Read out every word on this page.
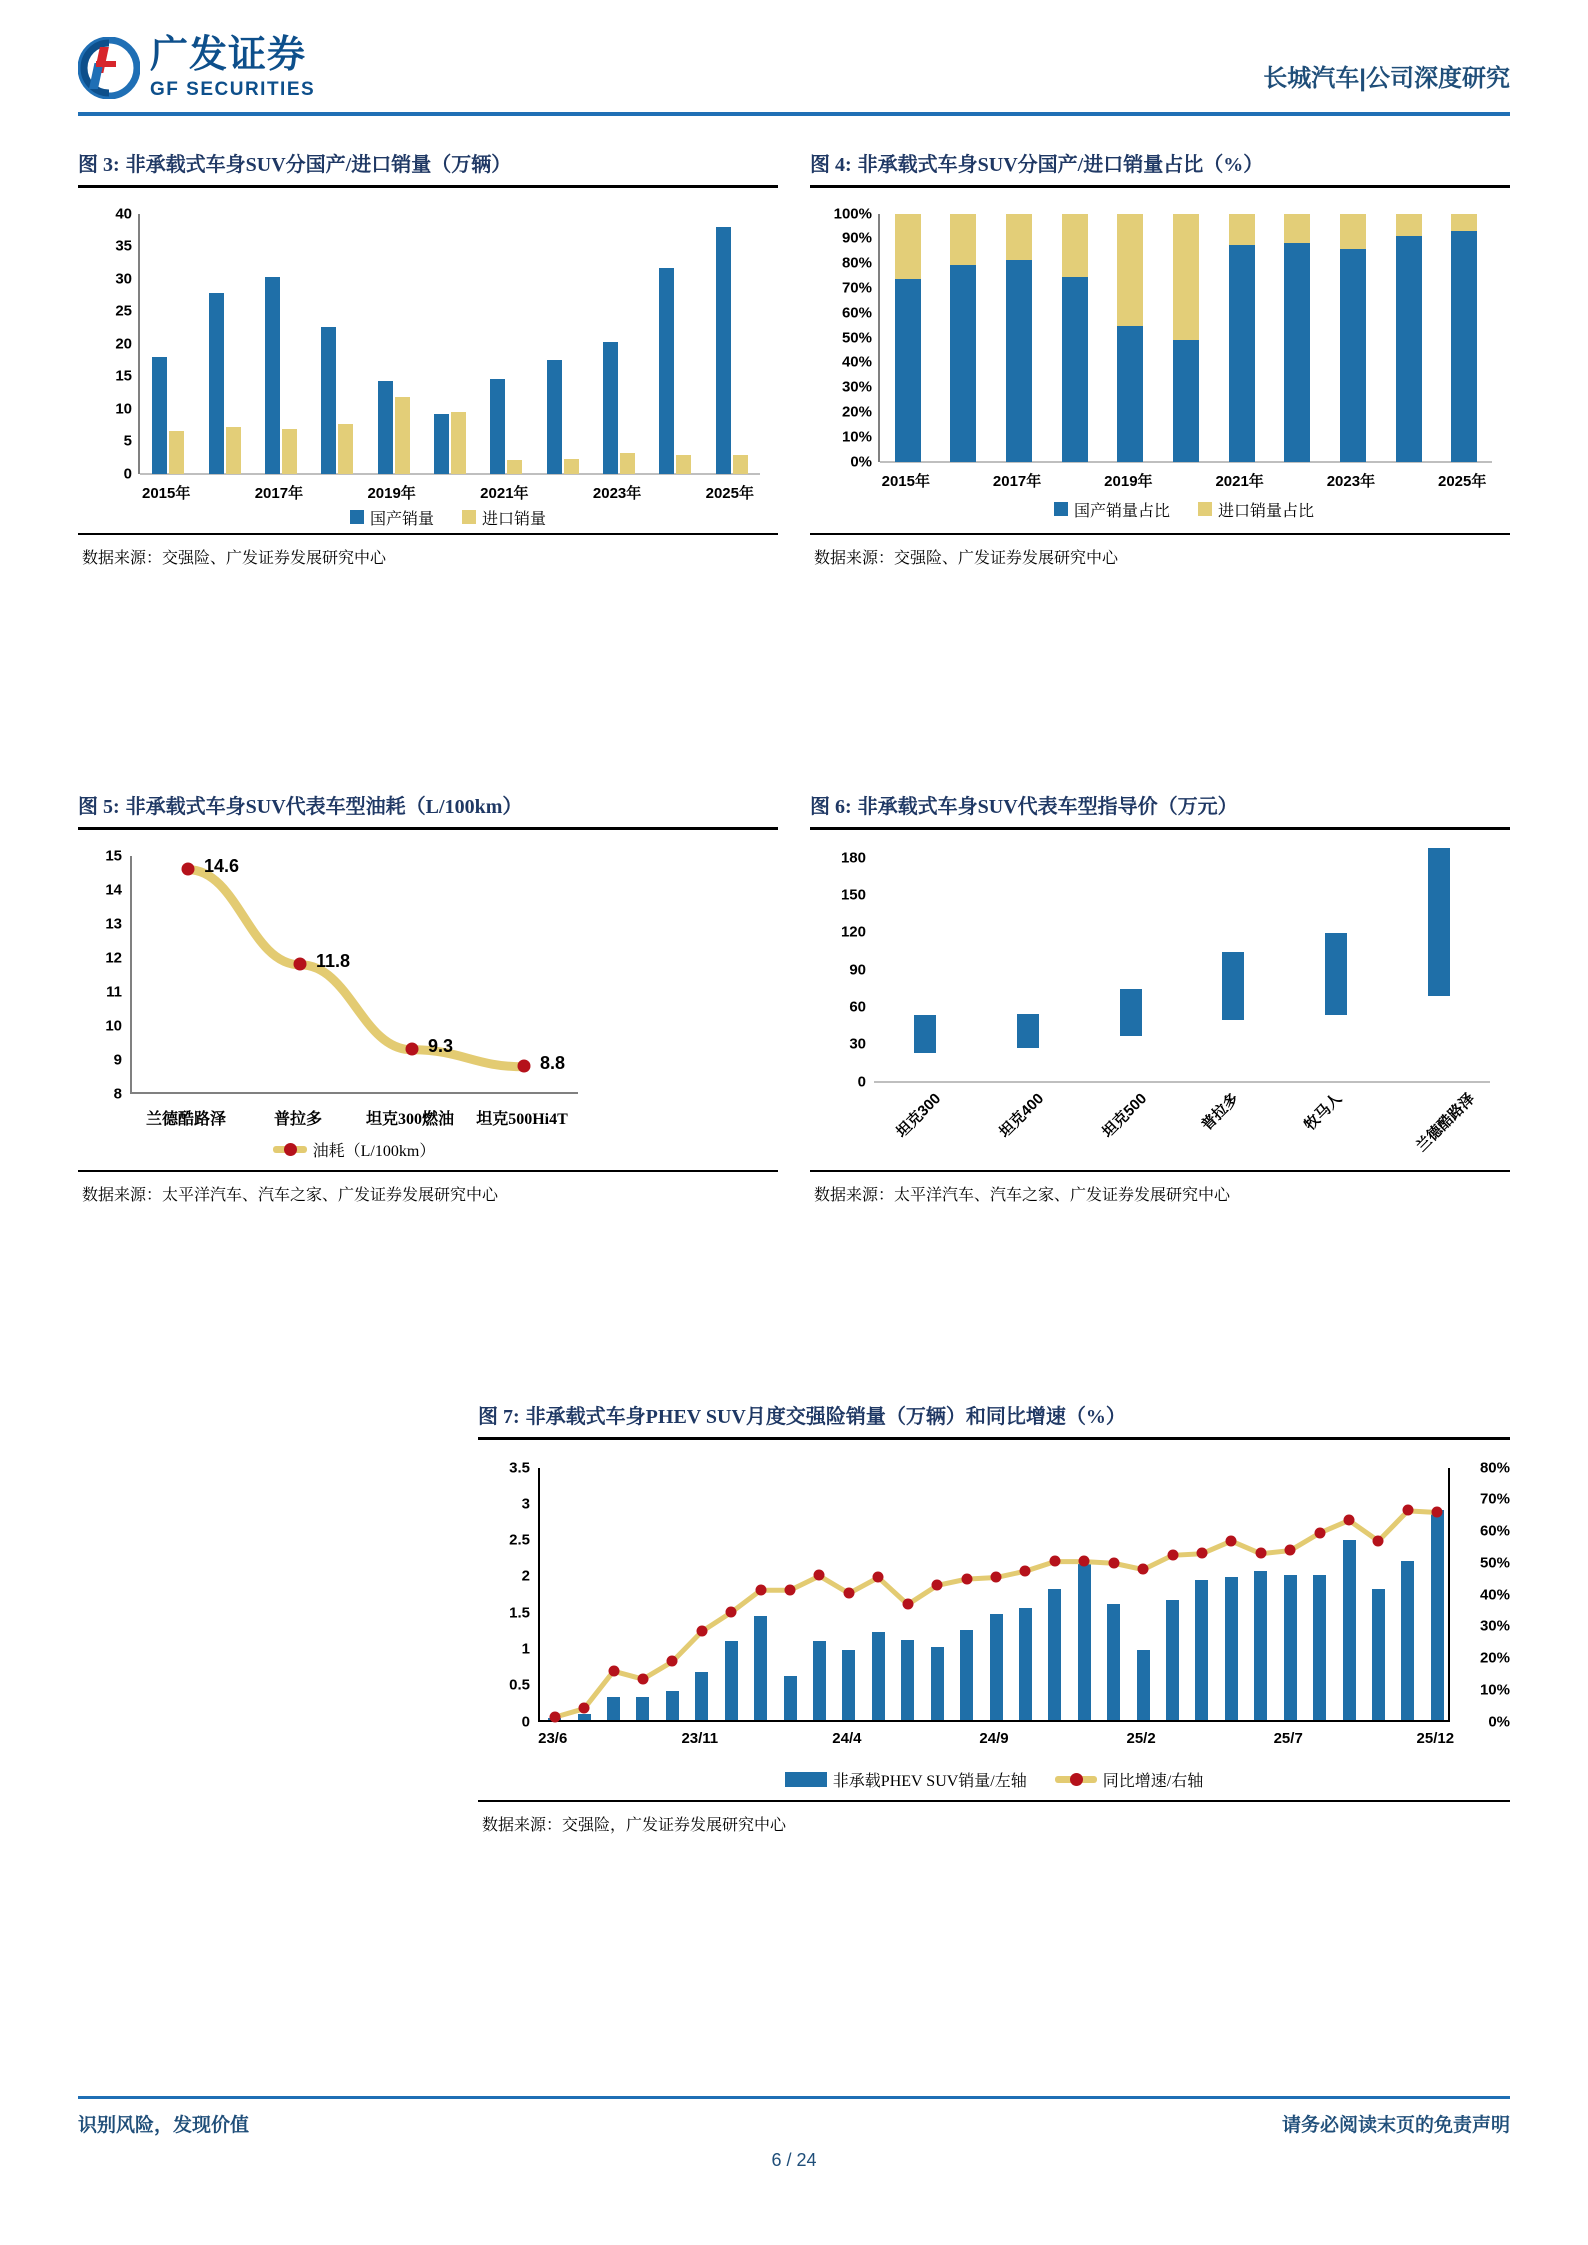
广发证券
GF SECURITIES	长城汽车|公司深度研究
图 3: 非承载式车身SUV分国产/进口销量（万辆）
40
35
30
25
20
15
10
5
0
2015年	2017年	2019年	2021年	2023年	2025年
国产销量	进口销量
数据来源：交强险、广发证券发展研究中心
图 4: 非承载式车身SUV分国产/进口销量占比（%）
100%
90%
80%
70%
60%
50%
40%
30%
20%
10%
0%
2015年	2017年	2019年	2021年	2023年	2025年
国产销量占比	进口销量占比
数据来源：交强险、广发证券发展研究中心
图 5: 非承载式车身SUV代表车型油耗（L/100km）
15
14
13
12
11
10
9
8
14.6
11.8
9.3
8.8
兰德酷路泽	普拉多	坦克300燃油 坦克500Hi4T
油耗（L/100km）
数据来源：太平洋汽车、汽车之家、广发证券发展研究中心
图 6: 非承载式车身SUV代表车型指导价（万元）
180
150
120
90
60
30
0
坦克300	坦克400	坦克500	普拉多	牧马人	兰德酷路泽
数据来源：太平洋汽车、汽车之家、广发证券发展研究中心
图 7: 非承载式车身PHEV SUV月度交强险销量（万辆）和同比增速（%）
3.5
3
2.5
2
1.5
1
0.5
0
80%
70%
60%
50%
40%
30%
20%
10%
0%
23/6	23/11	24/4	24/9	25/2	25/7	25/12
非承载PHEV SUV销量/左轴	同比增速/右轴
数据来源：交强险，广发证券发展研究中心
识别风险，发现价值	请务必阅读末页的免责声明
6 / 24
